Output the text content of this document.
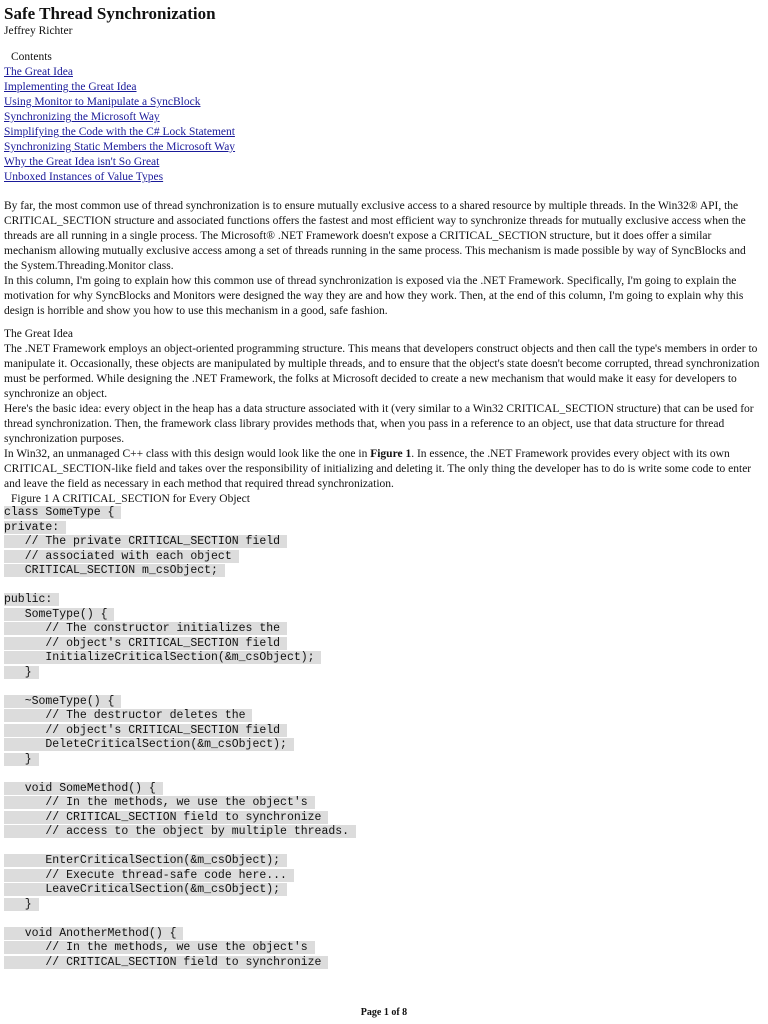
Safe Thread Synchronization

Jeffrey Richter

Contents

The Great Idea
Implementing the Great Idea
Using Monitor to Manipulate a SyncBlock
Synchronizing the Microsoft Way
Simplifying the Code with the C# Lock Statement
Synchronizing Static Members the Microsoft Way
Why the Great Idea isn't So Great
Unboxed Instances of Value Types

By far, the most common use of thread synchronization is to ensure mutually exclusive access to a shared resource by multiple threads. In the Win32® API, the CRITICAL_SECTION structure and associated functions offers the fastest and most efficient way to synchronize threads for mutually exclusive access when the threads are all running in a single process. The Microsoft® .NET Framework doesn't expose a CRITICAL_SECTION structure, but it does offer a similar mechanism allowing mutually exclusive access among a set of threads running in the same process. This mechanism is made possible by way of SyncBlocks and the System.Threading.Monitor class.

In this column, I'm going to explain how this common use of thread synchronization is exposed via the .NET Framework. Specifically, I'm going to explain the motivation for why SyncBlocks and Monitors were designed the way they are and how they work. Then, at the end of this column, I'm going to explain why this design is horrible and show you how to use this mechanism in a good, safe fashion.

The Great Idea

The .NET Framework employs an object-oriented programming structure. This means that developers construct objects and then call the type's members in order to manipulate it. Occasionally, these objects are manipulated by multiple threads, and to ensure that the object's state doesn't become corrupted, thread synchronization must be performed. While designing the .NET Framework, the folks at Microsoft decided to create a new mechanism that would make it easy for developers to synchronize an object.

Here's the basic idea: every object in the heap has a data structure associated with it (very similar to a Win32 CRITICAL_SECTION structure) that can be used for thread synchronization. Then, the framework class library provides methods that, when you pass in a reference to an object, use that data structure for thread synchronization purposes.

In Win32, an unmanaged C++ class with this design would look like the one in Figure 1. In essence, the .NET Framework provides every object with its own CRITICAL_SECTION-like field and takes over the responsibility of initializing and deleting it. The only thing the developer has to do is write some code to enter and leave the field as necessary in each method that required thread synchronization.

Figure 1 A CRITICAL_SECTION for Every Object

class SomeType {
private:
// The private CRITICAL_SECTION field
// associated with each object
CRITICAL_SECTION m_csObject;
public:
SomeType() {
// The constructor initializes the
// object's CRITICAL_SECTION field
InitializeCriticalSection(&m_csObject);
}
~SomeType() {
// The destructor deletes the
// object's CRITICAL_SECTION field
DeleteCriticalSection(&m_csObject);
}
void SomeMethod() {
// In the methods, we use the object's
// CRITICAL_SECTION field to synchronize
// access to the object by multiple threads.
EnterCriticalSection(&m_csObject);
// Execute thread-safe code here...
LeaveCriticalSection(&m_csObject);
}
void AnotherMethod() {
// In the methods, we use the object's
// CRITICAL_SECTION field to synchronize
Page 1 of 8
